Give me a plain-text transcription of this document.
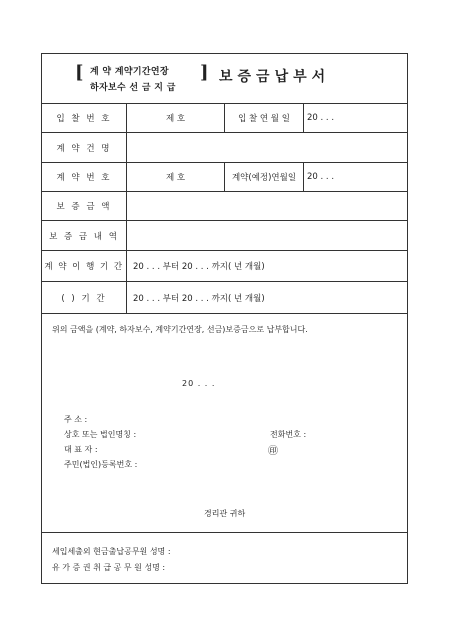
[ 계 약 계약기간연장
하자보수 선 금 지 급
] 보증금납부서
입 찰 번 호	제 호	입 찰 연 월 일	20 . . .
계 약 건 명
계 약 번 호	제 호	계약(예정)연월일	20 . . .
보 증 금 액
보 증 금 내 역
계 약 이 행 기 간	20 . . . 부터 20 . . . 까지( 년 개월)
( ) 기 간	20 . . . 부터 20 . . . 까지( 년 개월)
위의 금액을 (계약, 하자보수, 계약기간연장, 선금)보증금으로 납부합니다.
20 . . .
주 소 :
상호 또는 법인명칭 :	전화번호 :
대 표 자 :	㊞
주민(법인)등록번호 :
경리관 귀하
세입세출외 현금출납공무원 성명 :
유 가 증 권 취 급 공 무 원 성명 :
